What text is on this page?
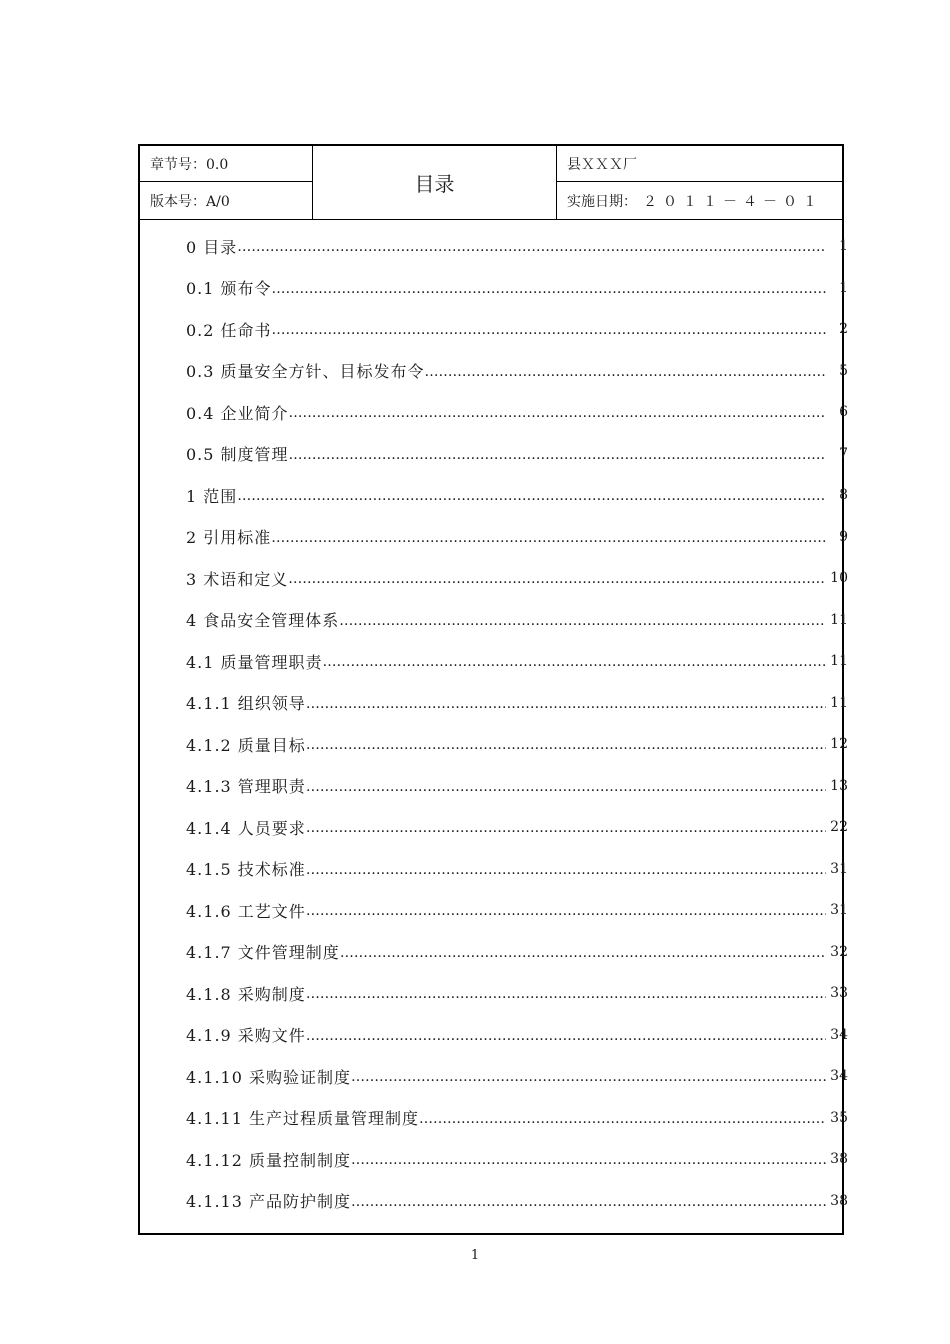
章节号：0.0
版本号：A/0
目录
县ＸＸＸ厂
实施日期： ２０１１－４－０１
0 目录 ………………………………………………………………………………………………………………………………………………………………………………………………	1
0.1 颁布令 ………………………………………………………………………………………………………………………………………………………………………………………………	1
0.2 任命书 ………………………………………………………………………………………………………………………………………………………………………………………………	2
0.3 质量安全方针、目标发布令 ………………………………………………………………………………………………………………………………………………………………………………………………	5
0.4 企业简介 ………………………………………………………………………………………………………………………………………………………………………………………………	6
0.5 制度管理 ………………………………………………………………………………………………………………………………………………………………………………………………	7
1 范围 ………………………………………………………………………………………………………………………………………………………………………………………………	8
2 引用标准 ………………………………………………………………………………………………………………………………………………………………………………………………	9
3 术语和定义 ………………………………………………………………………………………………………………………………………………………………………………………………	10
4 食品安全管理体系 ………………………………………………………………………………………………………………………………………………………………………………………………	11
4.1 质量管理职责 ………………………………………………………………………………………………………………………………………………………………………………………………	11
4.1.1 组织领导 ………………………………………………………………………………………………………………………………………………………………………………………………	11
4.1.2 质量目标 ………………………………………………………………………………………………………………………………………………………………………………………………	12
4.1.3 管理职责 ………………………………………………………………………………………………………………………………………………………………………………………………	13
4.1.4 人员要求 ………………………………………………………………………………………………………………………………………………………………………………………………	22
4.1.5 技术标准 ………………………………………………………………………………………………………………………………………………………………………………………………	31
4.1.6 工艺文件 ………………………………………………………………………………………………………………………………………………………………………………………………	31
4.1.7 文件管理制度 ………………………………………………………………………………………………………………………………………………………………………………………………	32
4.1.8 采购制度 ………………………………………………………………………………………………………………………………………………………………………………………………	33
4.1.9 采购文件 ………………………………………………………………………………………………………………………………………………………………………………………………	34
4.1.10 采购验证制度 ………………………………………………………………………………………………………………………………………………………………………………………………	34
4.1.11 生产过程质量管理制度 ………………………………………………………………………………………………………………………………………………………………………………………………	35
4.1.12 质量控制制度 ………………………………………………………………………………………………………………………………………………………………………………………………	38
4.1.13 产品防护制度 ………………………………………………………………………………………………………………………………………………………………………………………………	38
1
